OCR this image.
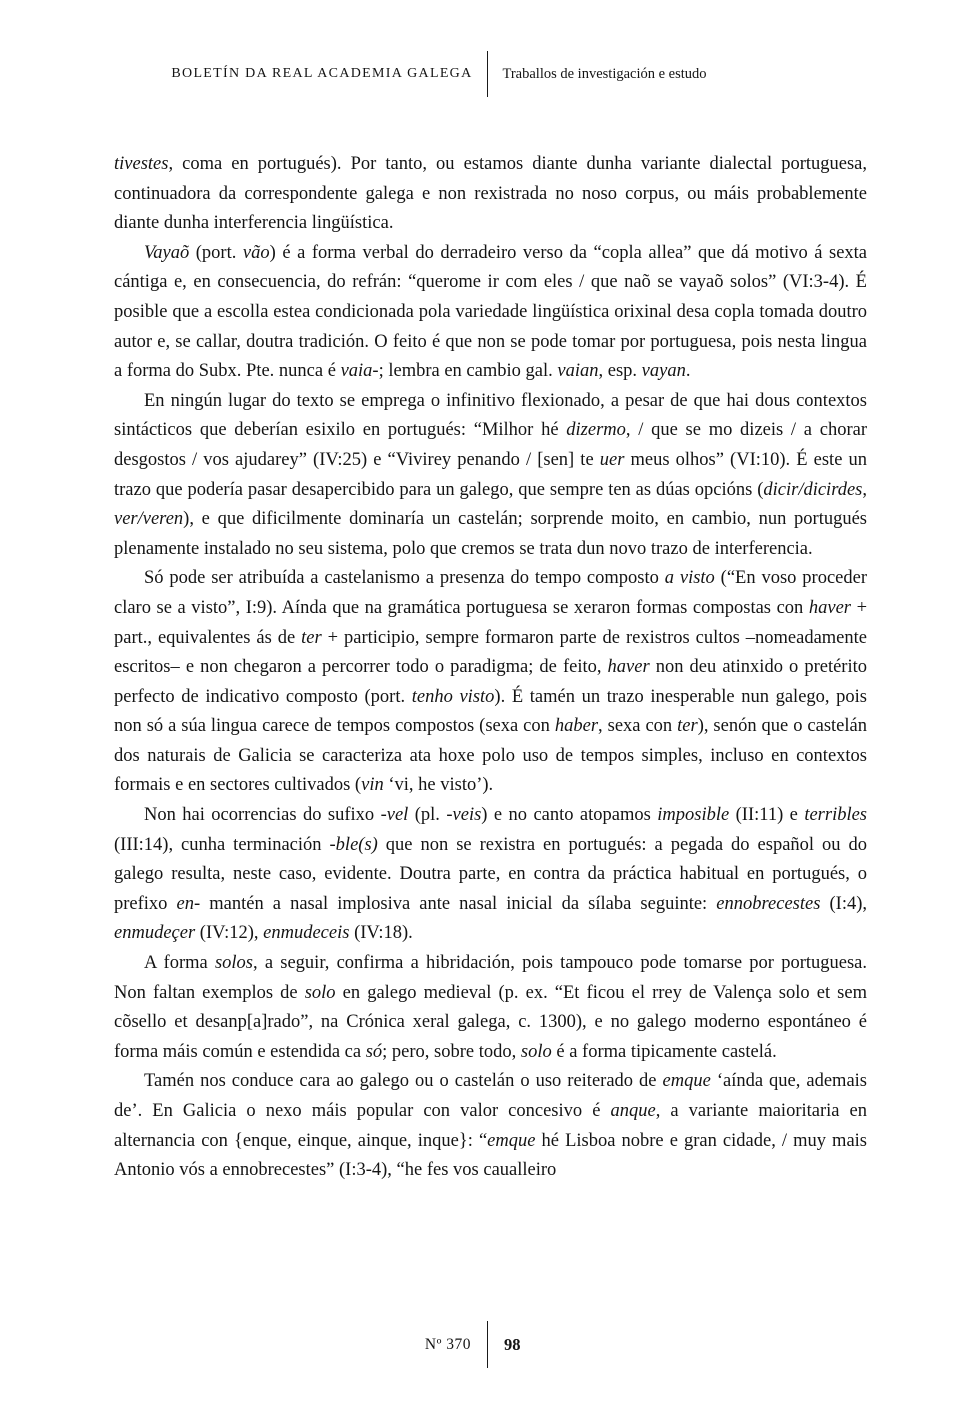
BOLETÍN DA REAL ACADEMIA GALEGA	Traballos de investigación e estudo

tivestes, coma en portugués). Por tanto, ou estamos diante dunha variante dialectal portuguesa, continuadora da correspondente galega e non rexistrada no noso corpus, ou máis probablemente diante dunha interferencia lingüística.

Vayaõ (port. vão) é a forma verbal do derradeiro verso da “copla allea” que dá motivo á sexta cántiga e, en consecuencia, do refrán: “querome ir com eles / que naõ se vayaõ solos” (VI:3-4). É posible que a escolla estea condicionada pola variedade lingüística orixinal desa copla tomada doutro autor e, se callar, doutra tradición. O feito é que non se pode tomar por portuguesa, pois nesta lingua a forma do Subx. Pte. nunca é vaia-; lembra en cambio gal. vaian, esp. vayan.

En ningún lugar do texto se emprega o infinitivo flexionado, a pesar de que hai dous contextos sintácticos que deberían esixilo en portugués: “Milhor hé dizermo, / que se mo dizeis / a chorar desgostos / vos ajudarey” (IV:25) e “Vivirey penando / [sen] te uer meus olhos” (VI:10). É este un trazo que podería pasar desapercibido para un galego, que sempre ten as dúas opcións (dicir/dicirdes, ver/veren), e que dificilmente dominaría un castelán; sorprende moito, en cambio, nun portugués plenamente instalado no seu sistema, polo que cremos se trata dun novo trazo de interferencia.

Só pode ser atribuída a castelanismo a presenza do tempo composto a visto (“En voso proceder claro se a visto”, I:9). Aínda que na gramática portuguesa se xeraron formas compostas con haver + part., equivalentes ás de ter + participio, sempre formaron parte de rexistros cultos –nomeadamente escritos– e non chegaron a percorrer todo o paradigma; de feito, haver non deu atinxido o pretérito perfecto de indicativo composto (port. tenho visto). É tamén un trazo inesperable nun galego, pois non só a súa lingua carece de tempos compostos (sexa con haber, sexa con ter), senón que o castelán dos naturais de Galicia se caracteriza ata hoxe polo uso de tempos simples, incluso en contextos formais e en sectores cultivados (vin ‘vi, he visto’).

Non hai ocorrencias do sufixo -vel (pl. -veis) e no canto atopamos imposible (II:11) e terribles (III:14), cunha terminación -ble(s) que non se rexistra en portugués: a pegada do español ou do galego resulta, neste caso, evidente. Doutra parte, en contra da práctica habitual en portugués, o prefixo en- mantén a nasal implosiva ante nasal inicial da sílaba seguinte: ennobrecestes (I:4), enmudeçer (IV:12), enmudeceis (IV:18).

A forma solos, a seguir, confirma a hibridación, pois tampouco pode tomarse por portuguesa. Non faltan exemplos de solo en galego medieval (p. ex. “Et ficou el rrey de Valença solo et sem cõsello et desanp[a]rado”, na Crónica xeral galega, c. 1300), e no galego moderno espontáneo é forma máis común e estendida ca só; pero, sobre todo, solo é a forma tipicamente castelá.

Tamén nos conduce cara ao galego ou o castelán o uso reiterado de emque ‘aínda que, ademais de’. En Galicia o nexo máis popular con valor concesivo é anque, a variante maioritaria en alternancia con {enque, einque, ainque, inque}: “emque hé Lisboa nobre e gran cidade, / muy mais Antonio vós a ennobrecestes” (I:3-4), “he fes vos caualleiro

Nº 370	98
